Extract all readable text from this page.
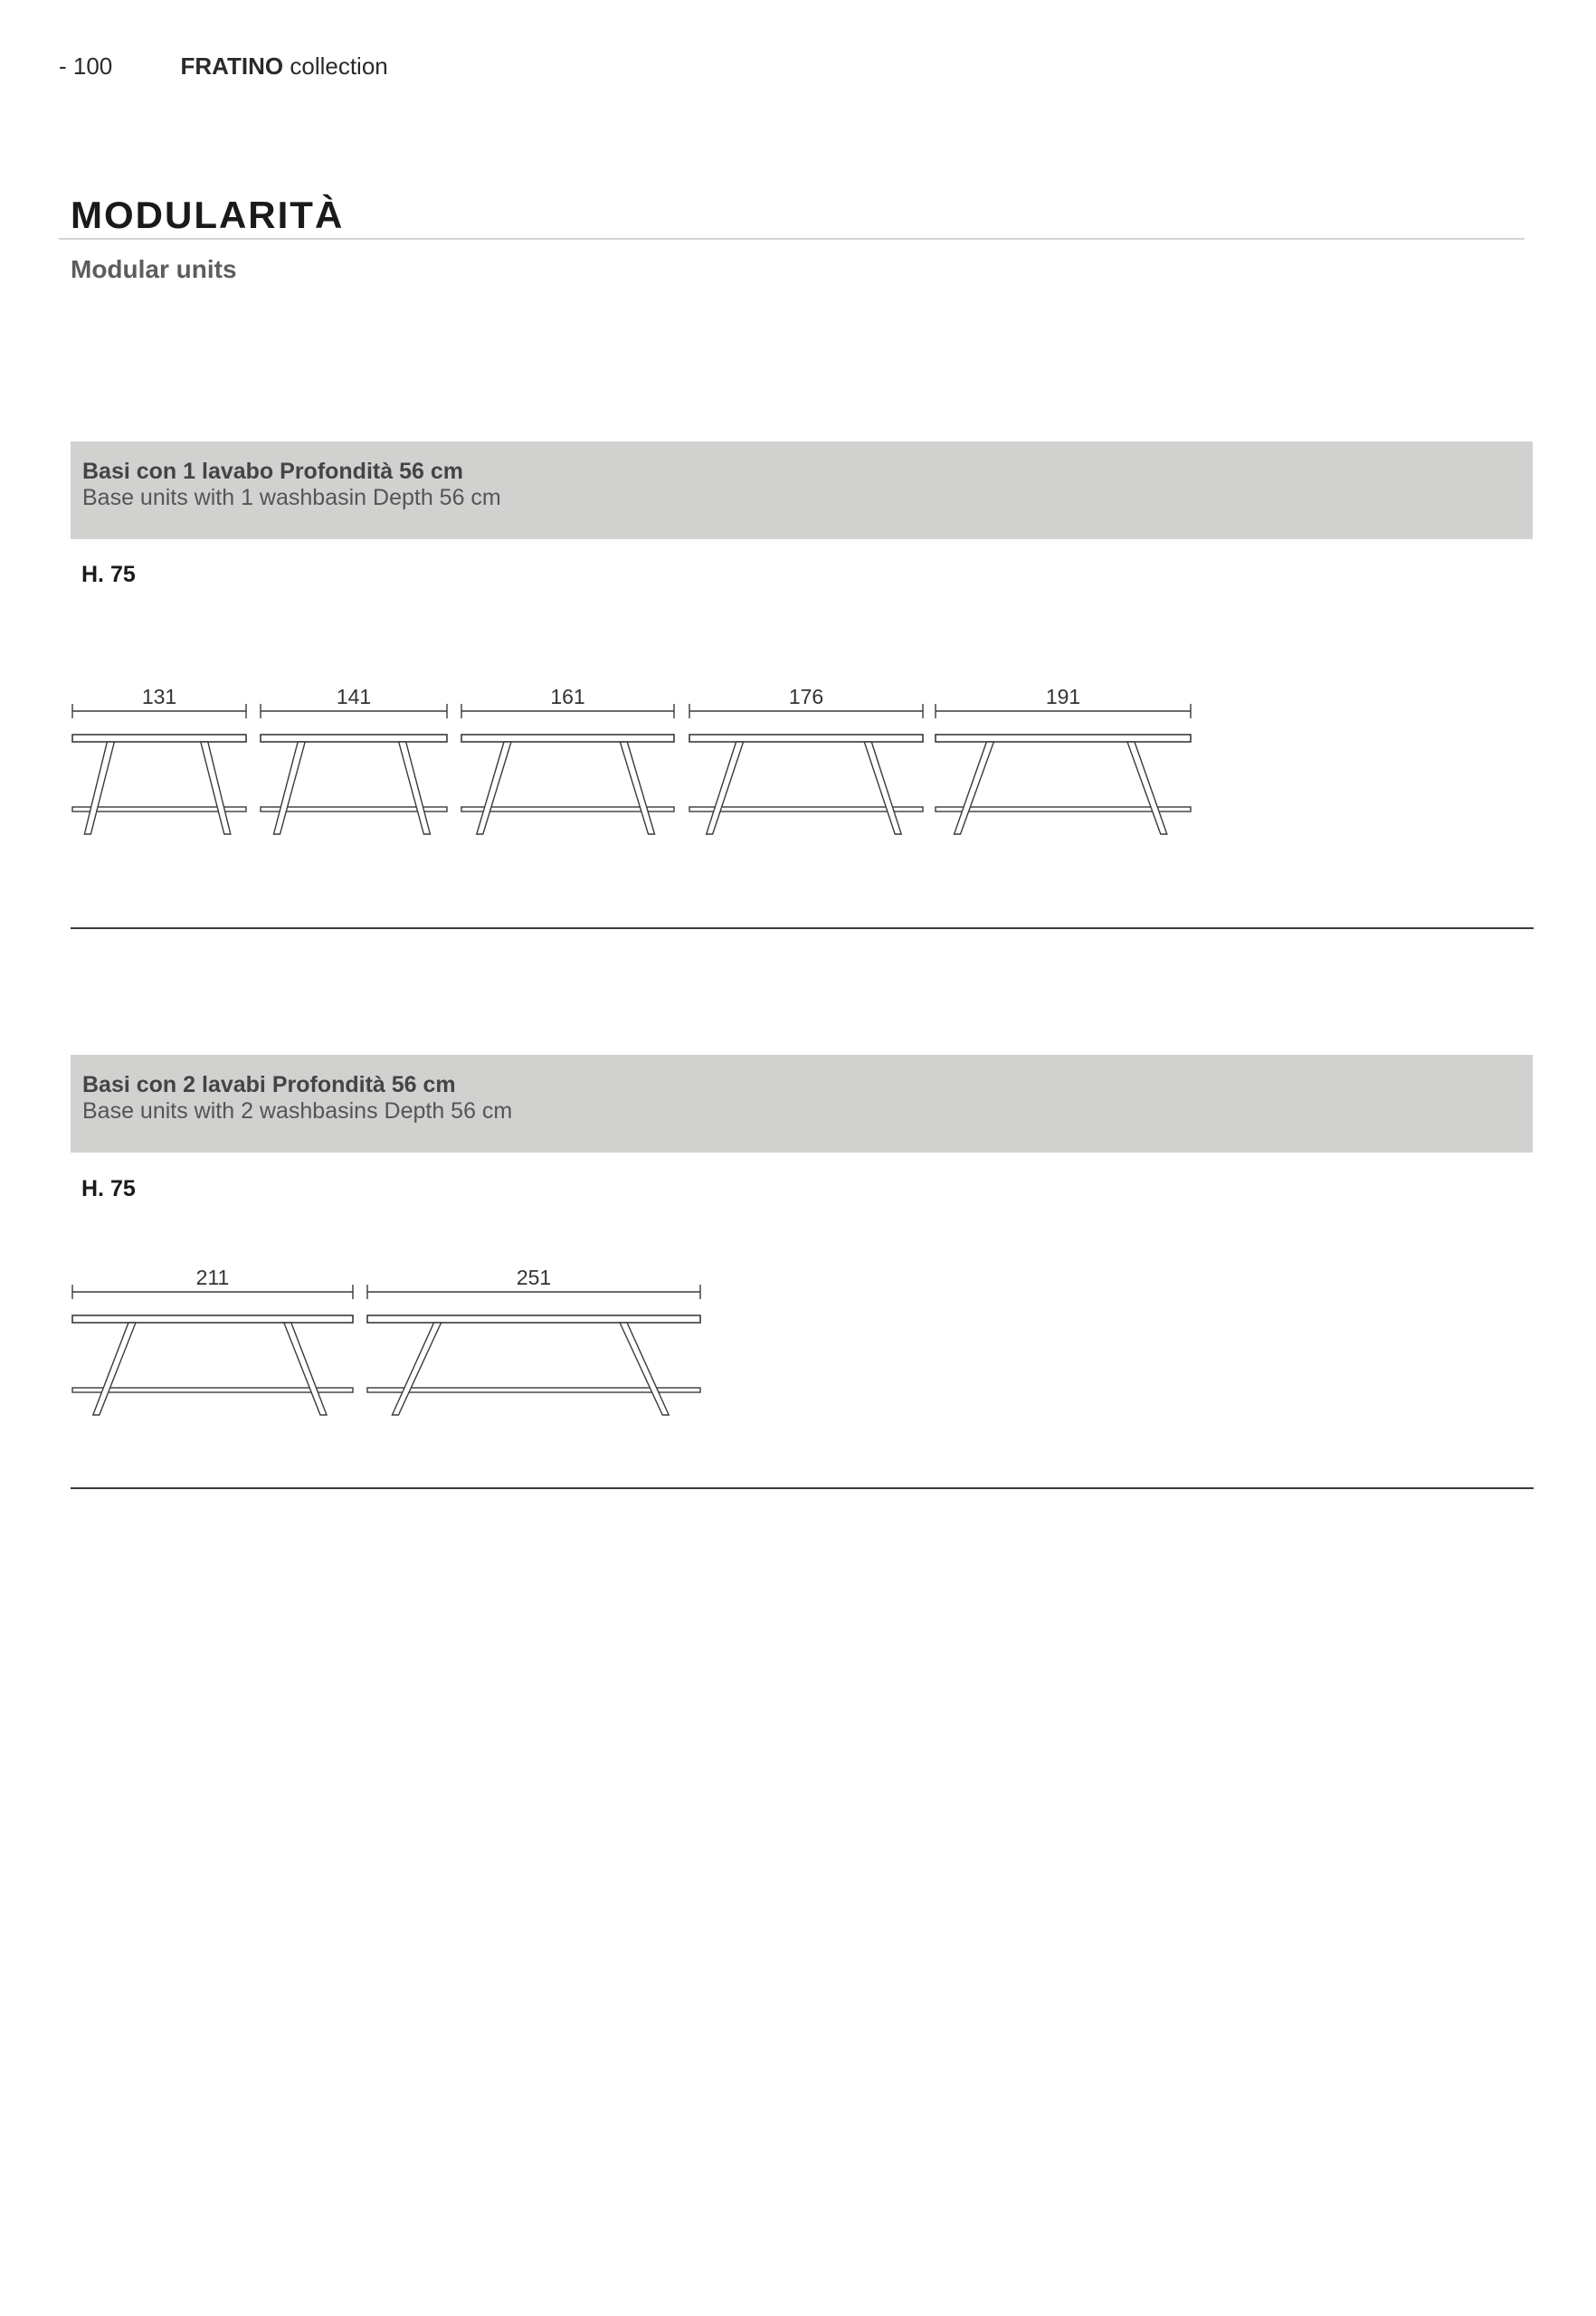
- 100	FRATINO collection
MODULARITÀ
Modular units
Basi con 1 lavabo Profondità 56 cm
Base units with 1 washbasin Depth 56 cm
H. 75
131	141	161	176	191
Basi con 2 lavabi Profondità 56 cm
Base units with 2 washbasins Depth 56 cm
H. 75
211	251
